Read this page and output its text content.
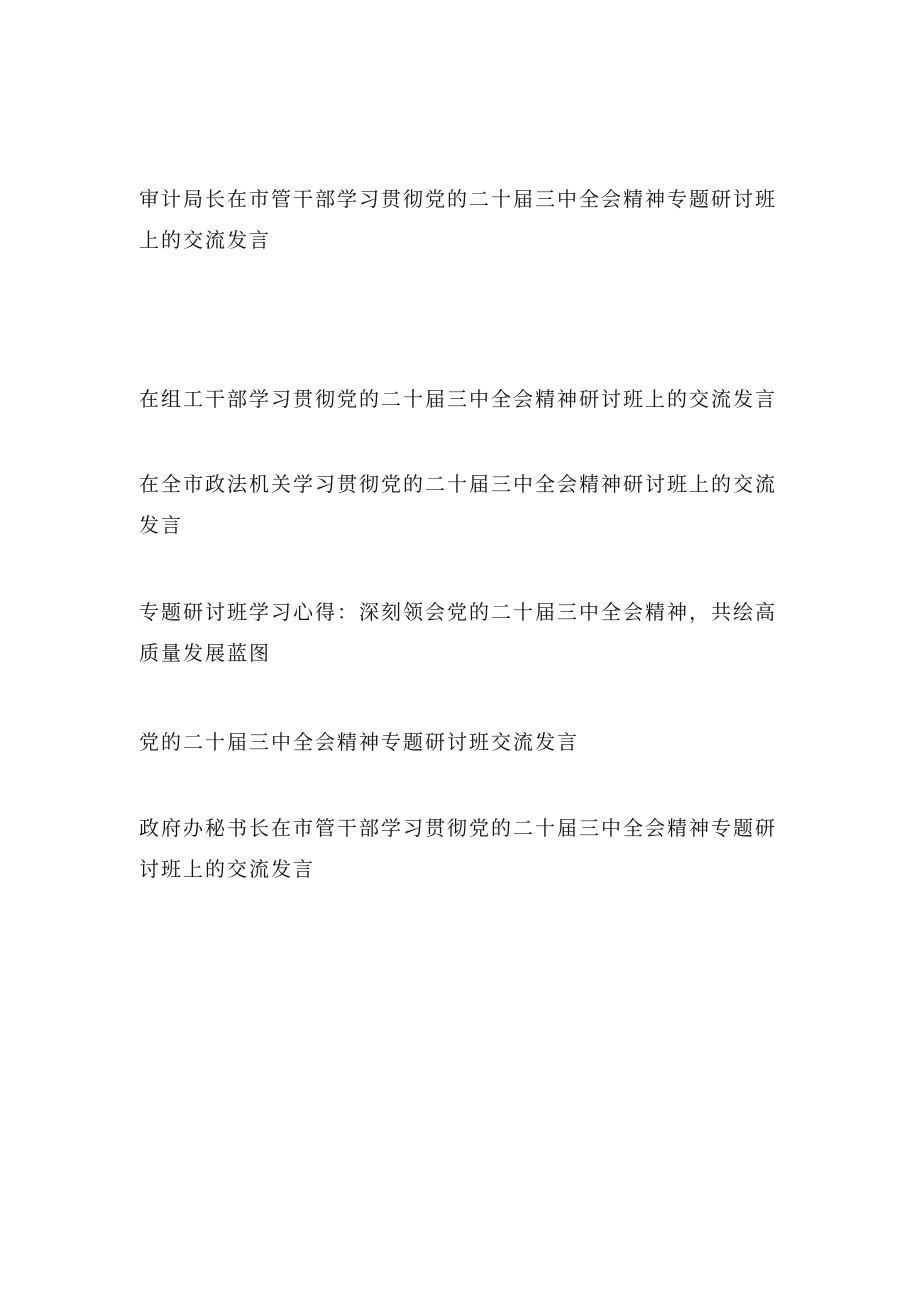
审计局长在市管干部学习贯彻党的二十届三中全会精神专题研讨班上的交流发言

在组工干部学习贯彻党的二十届三中全会精神研讨班上的交流发言

在全市政法机关学习贯彻党的二十届三中全会精神研讨班上的交流发言

专题研讨班学习心得：深刻领会党的二十届三中全会精神，共绘高质量发展蓝图

党的二十届三中全会精神专题研讨班交流发言

政府办秘书长在市管干部学习贯彻党的二十届三中全会精神专题研讨班上的交流发言
